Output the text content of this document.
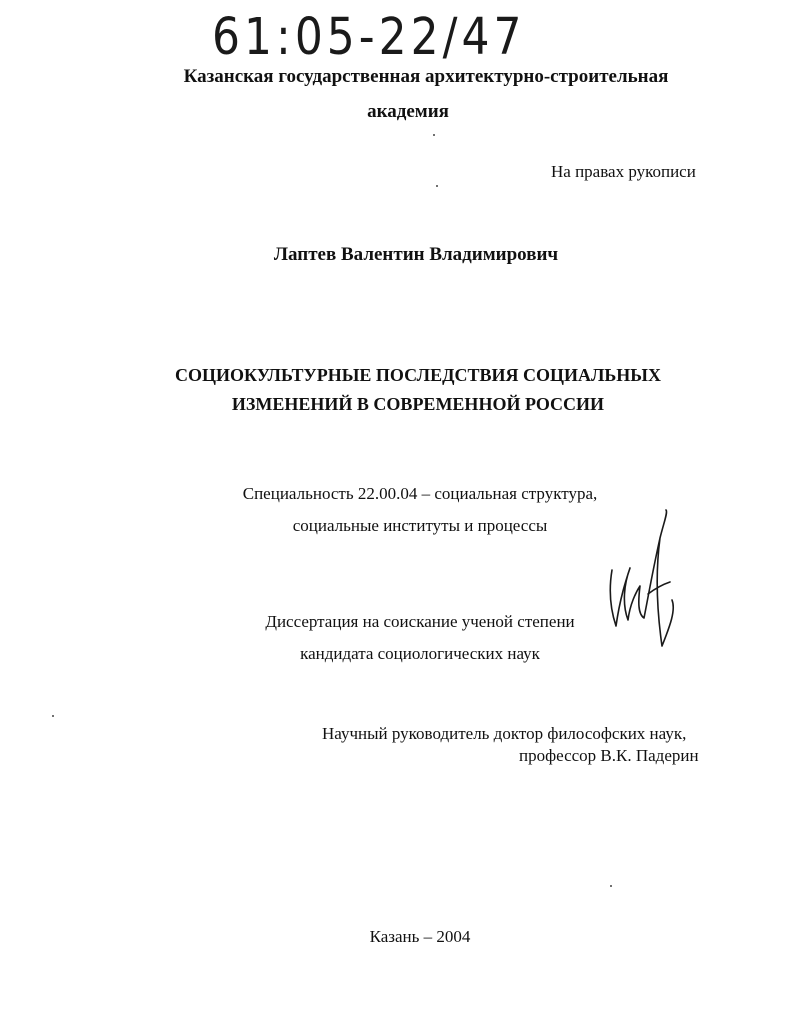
61:05-22/47
Казанская государственная архитектурно-строительная
академия
На правах рукописи
Лаптев Валентин Владимирович
СОЦИОКУЛЬТУРНЫЕ ПОСЛЕДСТВИЯ СОЦИАЛЬНЫХ
ИЗМЕНЕНИЙ В СОВРЕМЕННОЙ РОССИИ
Специальность 22.00.04 – социальная структура,
социальные институты и процессы
Диссертация на соискание ученой степени
кандидата социологических наук
Научный руководитель доктор философских наук,
профессор В.К. Падерин
Казань – 2004
